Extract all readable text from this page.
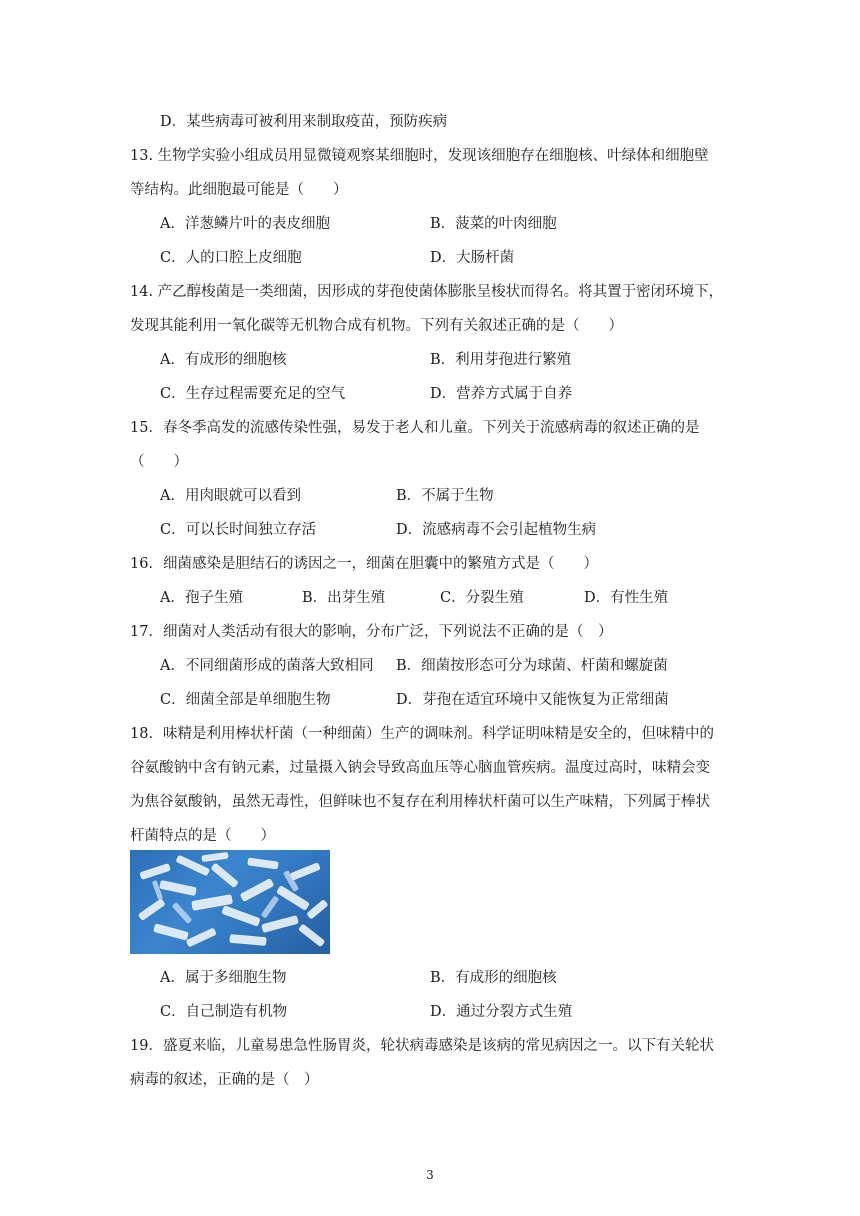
D．某些病毒可被利用来制取疫苗，预防疾病
13. 生物学实验小组成员用显微镜观察某细胞时，发现该细胞存在细胞核、叶绿体和细胞壁
等结构。此细胞最可能是（　　）
A．洋葱鳞片叶的表皮细胞	B．菠菜的叶肉细胞
C．人的口腔上皮细胞	D．大肠杆菌
14. 产乙醇梭菌是一类细菌，因形成的芽孢使菌体膨胀呈梭状而得名。将其置于密闭环境下，
发现其能利用一氧化碳等无机物合成有机物。下列有关叙述正确的是（　　）
A．有成形的细胞核	B．利用芽孢进行繁殖
C．生存过程需要充足的空气	D．营养方式属于自养
15．春冬季高发的流感传染性强，易发于老人和儿童。下列关于流感病毒的叙述正确的是
（　　）
A．用肉眼就可以看到	B．不属于生物
C．可以长时间独立存活	D．流感病毒不会引起植物生病
16．细菌感染是胆结石的诱因之一，细菌在胆囊中的繁殖方式是（　　）
A．孢子生殖	B．出芽生殖	C．分裂生殖	D．有性生殖
17．细菌对人类活动有很大的影响，分布广泛，下列说法不正确的是（　）
A．不同细菌形成的菌落大致相同 B．细菌按形态可分为球菌、杆菌和螺旋菌
C．细菌全部是单细胞生物	D．芽孢在适宜环境中又能恢复为正常细菌
18．味精是利用棒状杆菌（一种细菌）生产的调味剂。科学证明味精是安全的，但味精中的
谷氨酸钠中含有钠元素，过量摄入钠会导致高血压等心脑血管疾病。温度过高时，味精会变
为焦谷氨酸钠，虽然无毒性，但鲜味也不复存在利用棒状杆菌可以生产味精，下列属于棒状
杆菌特点的是（　　）
A．属于多细胞生物	B．有成形的细胞核
C．自己制造有机物	D．通过分裂方式生殖
19．盛夏来临，儿童易患急性肠胃炎，轮状病毒感染是该病的常见病因之一。以下有关轮状
病毒的叙述，正确的是（　）
3
